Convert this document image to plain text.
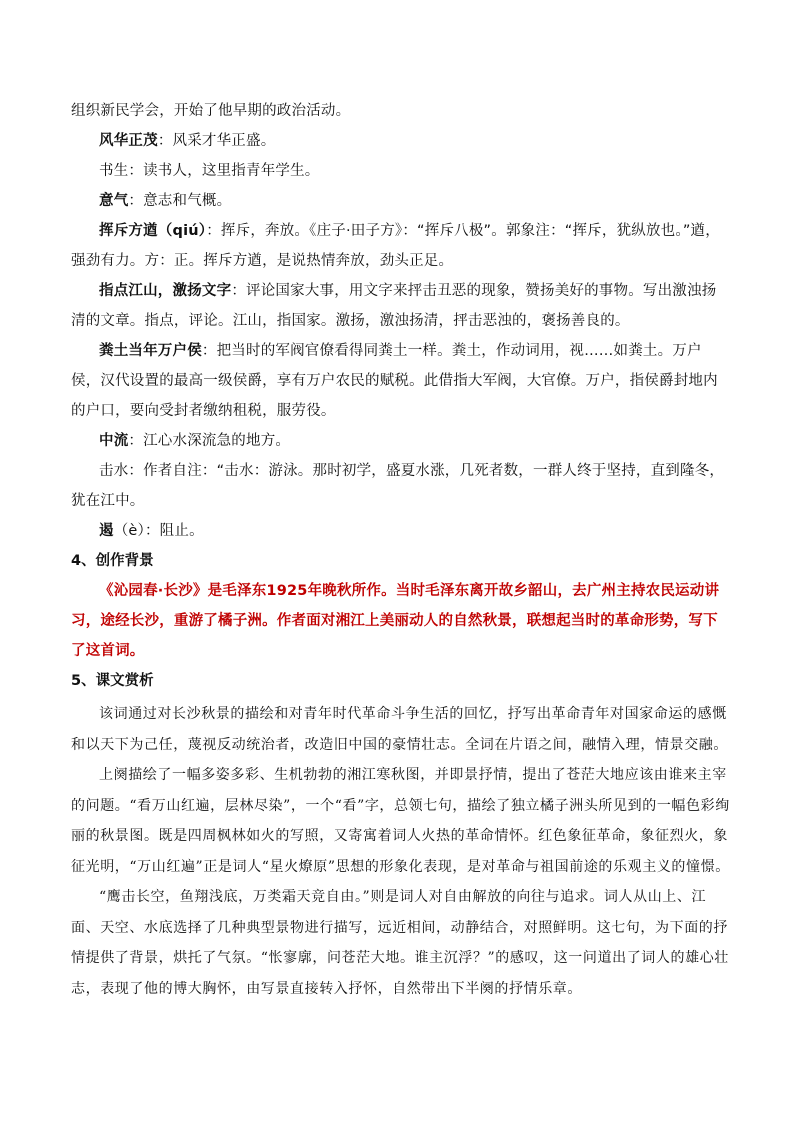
组织新民学会，开始了他早期的政治活动。

风华正茂：风采才华正盛。

书生：读书人，这里指青年学生。

意气：意志和气概。

挥斥方遒（qiú）：挥斥，奔放。《庄子·田子方》：“挥斥八极”。郭象注：“挥斥，犹纵放也。”遒，强劲有力。方：正。挥斥方遒，是说热情奔放，劲头正足。

指点江山，激扬文字：评论国家大事，用文字来抨击丑恶的现象，赞扬美好的事物。写出激浊扬清的文章。指点，评论。江山，指国家。激扬，激浊扬清，抨击恶浊的，褒扬善良的。

粪土当年万户侯：把当时的军阀官僚看得同粪土一样。粪土，作动词用，视……如粪土。万户侯，汉代设置的最高一级侯爵，享有万户农民的赋税。此借指大军阀，大官僚。万户，指侯爵封地内的户口，要向受封者缴纳租税，服劳役。

中流：江心水深流急的地方。

击水：作者自注：“击水：游泳。那时初学，盛夏水涨，几死者数，一群人终于坚持，直到隆冬，犹在江中。

遏（è）：阻止。

4、创作背景

《沁园春·长沙》是毛泽东1925年晚秋所作。当时毛泽东离开故乡韶山，去广州主持农民运动讲习，途经长沙，重游了橘子洲。作者面对湘江上美丽动人的自然秋景，联想起当时的革命形势，写下了这首词。

5、课文赏析

该词通过对长沙秋景的描绘和对青年时代革命斗争生活的回忆，抒写出革命青年对国家命运的感慨和以天下为己任，蔑视反动统治者，改造旧中国的豪情壮志。全词在片语之间，融情入理，情景交融。

上阕描绘了一幅多姿多彩、生机勃勃的湘江寒秋图，并即景抒情，提出了苍茫大地应该由谁来主宰的问题。“看万山红遍，层林尽染”，一个“看”字，总领七句，描绘了独立橘子洲头所见到的一幅色彩绚丽的秋景图。既是四周枫林如火的写照，又寄寓着词人火热的革命情怀。红色象征革命，象征烈火，象征光明，“万山红遍”正是词人“星火燎原”思想的形象化表现，是对革命与祖国前途的乐观主义的憧憬。

“鹰击长空，鱼翔浅底，万类霜天竞自由。”则是词人对自由解放的向往与追求。词人从山上、江面、天空、水底选择了几种典型景物进行描写，远近相间，动静结合，对照鲜明。这七句，为下面的抒情提供了背景，烘托了气氛。“怅寥廓，问苍茫大地。谁主沉浮？”的感叹，这一问道出了词人的雄心壮志，表现了他的博大胸怀，由写景直接转入抒怀，自然带出下半阕的抒情乐章。
